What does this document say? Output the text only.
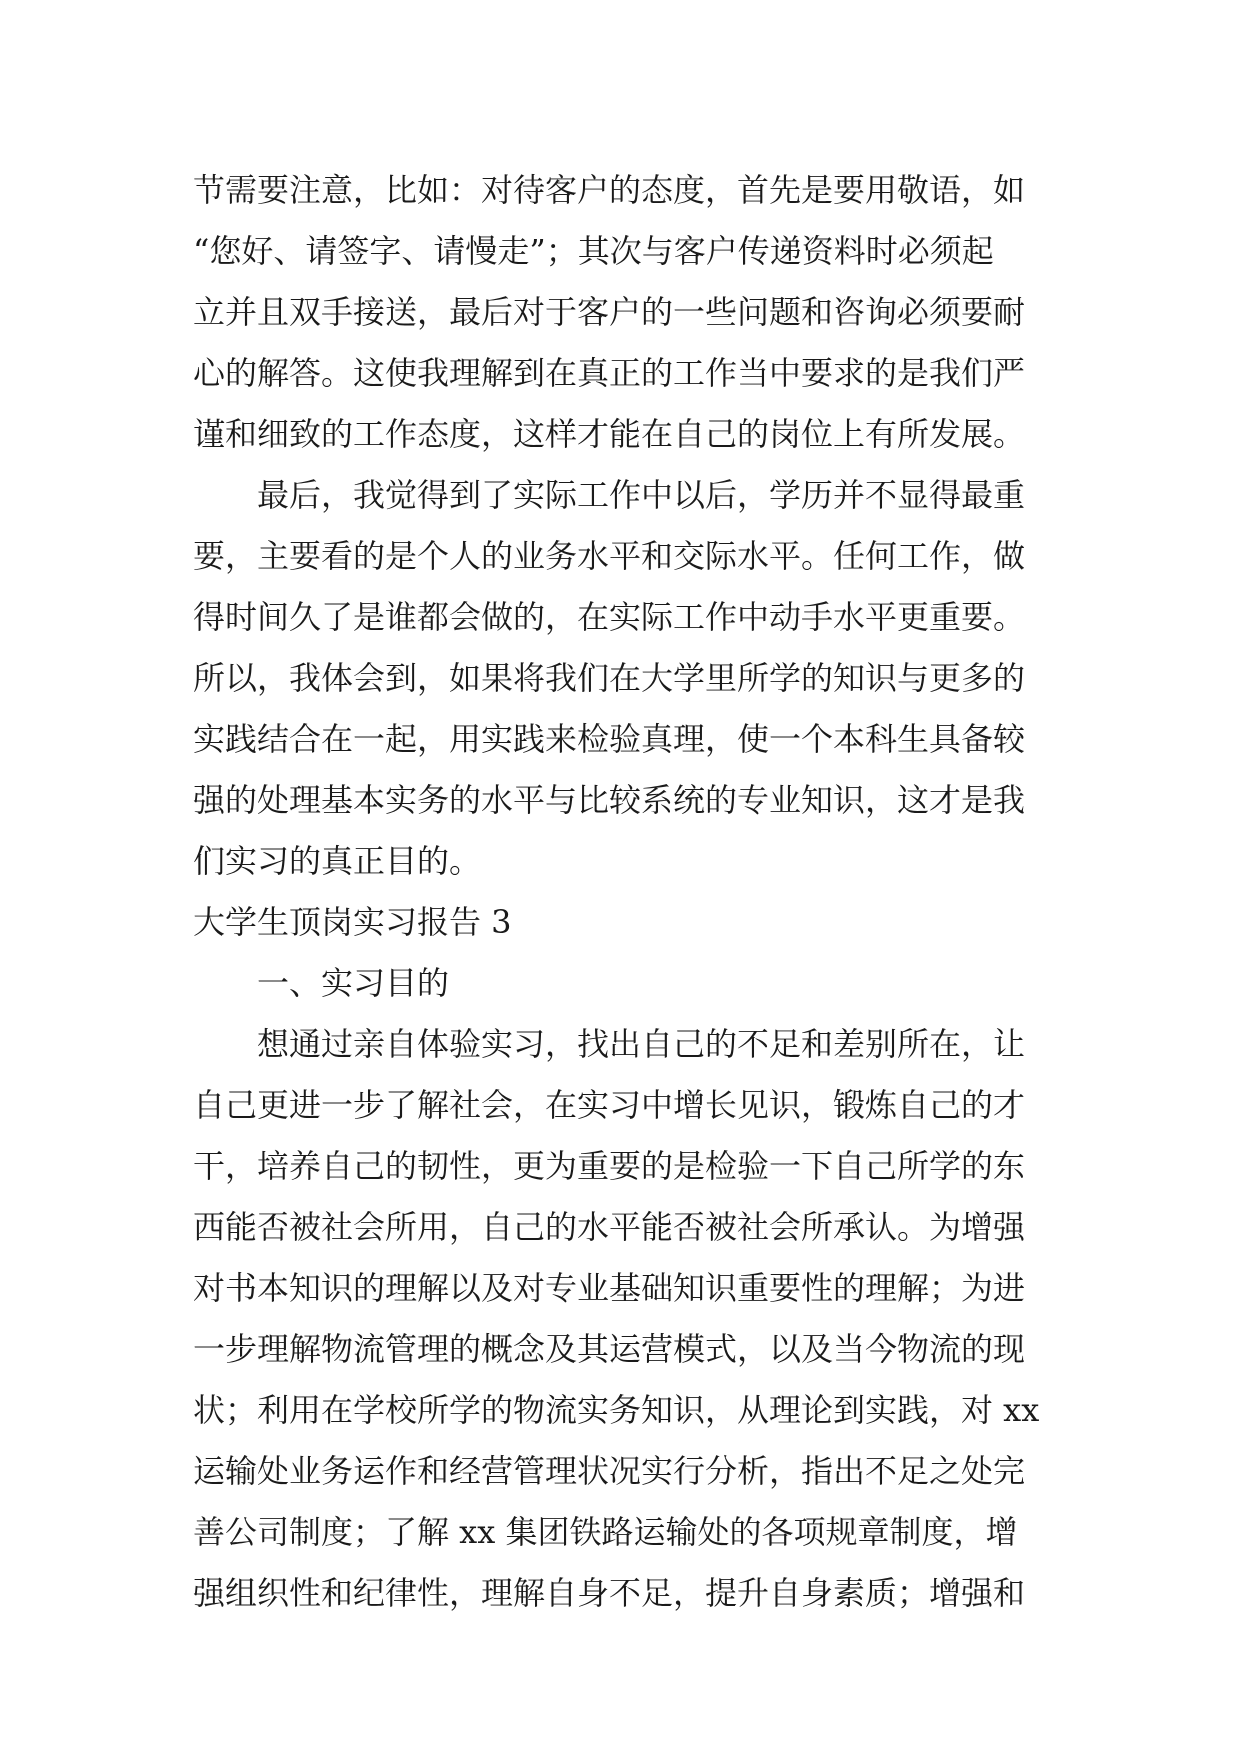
节需要注意，比如：对待客户的态度，首先是要用敬语，如
“您好、请签字、请慢走”；其次与客户传递资料时必须起
立并且双手接送，最后对于客户的一些问题和咨询必须要耐
心的解答。这使我理解到在真正的工作当中要求的是我们严
谨和细致的工作态度，这样才能在自己的岗位上有所发展。
最后，我觉得到了实际工作中以后，学历并不显得最重
要，主要看的是个人的业务水平和交际水平。任何工作，做
得时间久了是谁都会做的，在实际工作中动手水平更重要。
所以，我体会到，如果将我们在大学里所学的知识与更多的
实践结合在一起，用实践来检验真理，使一个本科生具备较
强的处理基本实务的水平与比较系统的专业知识，这才是我
们实习的真正目的。
大学生顶岗实习报告 3
一、实习目的
想通过亲自体验实习，找出自己的不足和差别所在，让
自己更进一步了解社会，在实习中增长见识，锻炼自己的才
干，培养自己的韧性，更为重要的是检验一下自己所学的东
西能否被社会所用，自己的水平能否被社会所承认。为增强
对书本知识的理解以及对专业基础知识重要性的理解；为进
一步理解物流管理的概念及其运营模式，以及当今物流的现
状；利用在学校所学的物流实务知识，从理论到实践，对 xx
运输处业务运作和经营管理状况实行分析，指出不足之处完
善公司制度；了解 xx 集团铁路运输处的各项规章制度，增
强组织性和纪律性，理解自身不足，提升自身素质；增强和
